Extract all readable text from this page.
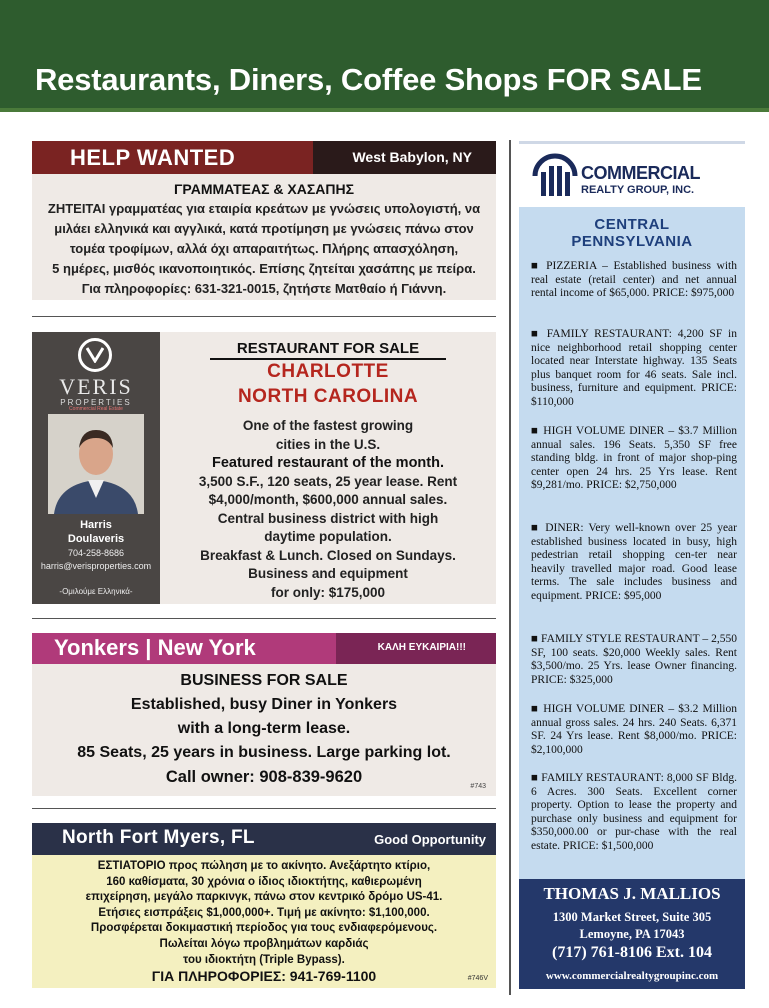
Restaurants, Diners, Coffee Shops FOR SALE
HELP WANTED	West Babylon, NY
ΓΡΑΜΜΑΤΕΑΣ & ΧΑΣΑΠΗΣ
ΖΗΤΕΙΤΑΙ γραμματέας για εταιρία κρεάτων με γνώσεις υπολογιστή, να
μιλάει ελληνικά και αγγλικά, κατά προτίμηση με γνώσεις πάνω στον
τομέα τροφίμων, αλλά όχι απαραιτήτως. Πλήρης απασχόληση,
5 ημέρες, μισθός ικανοποιητικός. Επίσης ζητείται χασάπης με πείρα.
Για πληροφορίες: 631-321-0015, ζητήστε Ματθαίο ή Γιάννη.
VERIS
PROPERTIES
Commercial Real Estate
Harris
Doulaveris
704-258-8686
harris@verisproperties.com
-Ομιλούμε Ελληνικά-
RESTAURANT FOR SALE
CHARLOTTE
NORTH CAROLINA
One of the fastest growing
cities in the U.S.
Featured restaurant of the month.
3,500 S.F., 120 seats, 25 year lease. Rent
$4,000/month, $600,000 annual sales.
Central business district with high
daytime population.
Breakfast & Lunch. Closed on Sundays.
Business and equipment
for only: $175,000
Yonkers | New York	ΚΑΛΗ ΕΥΚΑΙΡΙΑ!!!
BUSINESS FOR SALE
Established, busy Diner in Yonkers
with a long-term lease.
85 Seats, 25 years in business. Large parking lot.
Call owner: 908-839-9620
#743
North Fort Myers, FL	Good Opportunity
ΕΣΤΙΑΤΟΡΙΟ προς πώληση με το ακίνητο. Ανεξάρτητο κτίριο,
160 καθίσματα, 30 χρόνια ο ίδιος ιδιοκτήτης, καθιερωμένη
επιχείρηση, μεγάλο παρκινγκ, πάνω στον κεντρικό δρόμο US-41.
Ετήσιες εισπράξεις $1,000,000+. Τιμή με ακίνητο: $1,100,000.
Προσφέρεται δοκιμαστική περίοδος για τους ενδιαφερόμενους.
Πωλείται λόγω προβλημάτων καρδιάς
του ιδιοκτήτη (Triple Bypass).
ΓΙΑ ΠΛΗΡΟΦΟΡΙΕΣ: 941-769-1100	#746V
COMMERCIAL
REALTY GROUP, INC.
CENTRAL
PENNSYLVANIA
■ PIZZERIA – Established business with real estate (retail center) and net annual rental income of $65,000. PRICE: $975,000
■ FAMILY RESTAURANT: 4,200 SF in nice neighborhood retail shopping center located near Interstate highway. 135 Seats plus banquet room for 46 seats. Sale incl. business, furniture and equipment. PRICE: $110,000
■ HIGH VOLUME DINER – $3.7 Million annual sales. 196 Seats. 5,350 SF free standing bldg. in front of major shop-ping center open 24 hrs. 25 Yrs lease. Rent $9,281/mo. PRICE: $2,750,000
■ DINER: Very well-known over 25 year established business located in busy, high pedestrian retail shopping cen-ter near heavily travelled major road. Good lease terms. The sale includes business and equipment. PRICE: $95,000
■ FAMILY STYLE RESTAURANT – 2,550 SF, 100 seats. $20,000 Weekly sales. Rent $3,500/mo. 25 Yrs. lease Owner financing. PRICE: $325,000
■ HIGH VOLUME DINER – $3.2 Million annual gross sales. 24 hrs. 240 Seats. 6,371 SF. 24 Yrs lease. Rent $8,000/mo. PRICE: $2,100,000
■ FAMILY RESTAURANT: 8,000 SF Bldg. 6 Acres. 300 Seats. Excellent corner property. Option to lease the property and purchase only business and equipment for $350,000.00 or pur-chase with the real estate. PRICE: $1,500,000
THOMAS J. MALLIOS
1300 Market Street, Suite 305
Lemoyne, PA 17043
(717) 761-8106 Ext. 104
www.commercialrealtygroupinc.com
